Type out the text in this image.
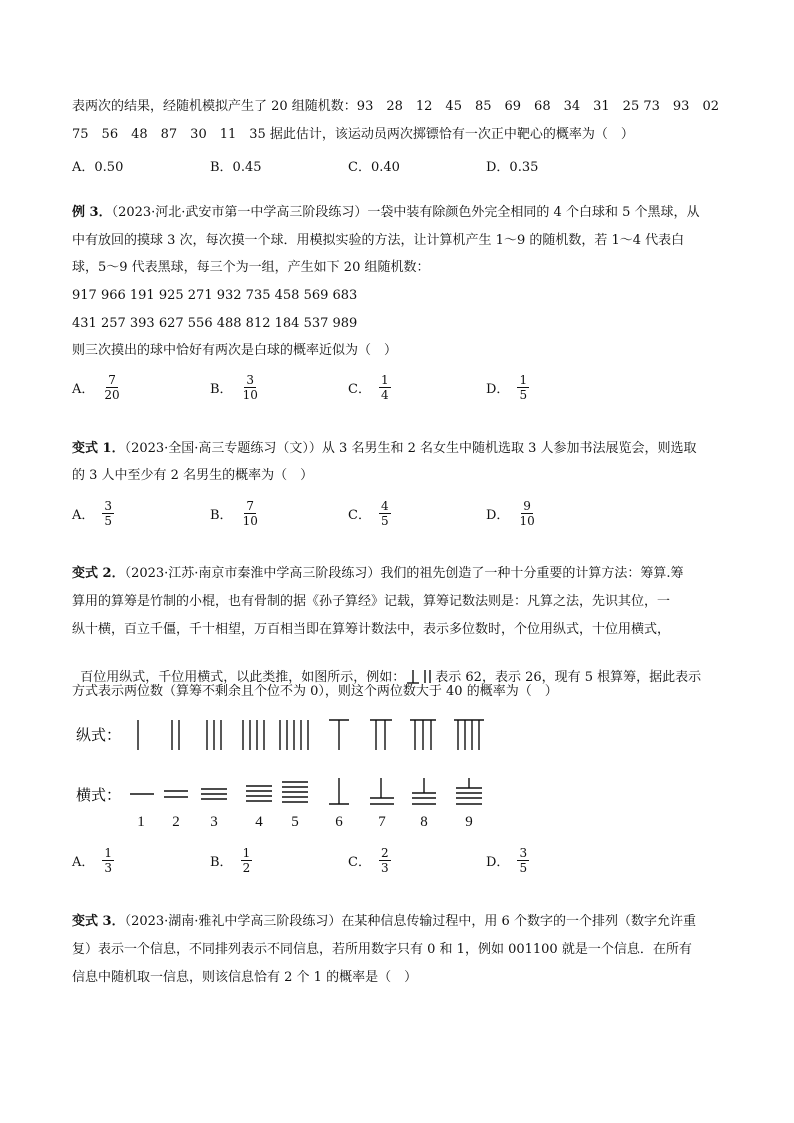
表两次的结果，经随机模拟产生了 20 组随机数：93　28　12　45　85　69　68　34　31　25 73　93　02
75　56　48　87　30　11　35 据此估计，该运动员两次掷镖恰有一次正中靶心的概率为（　）
A．0.50	B．0.45	C．0.40	D．0.35
例 3．（2023·河北·武安市第一中学高三阶段练习）一袋中装有除颜色外完全相同的 4 个白球和 5 个黑球，从
中有放回的摸球 3 次，每次摸一个球．用模拟实验的方法，让计算机产生 1～9 的随机数，若 1～4 代表白
球，5～9 代表黑球，每三个为一组，产生如下 20 组随机数：
917 966 191 925 271 932 735 458 569 683
431 257 393 627 556 488 812 184 537 989
则三次摸出的球中恰好有两次是白球的概率近似为（　）
A． $\frac{7}{20}$	B． $\frac{3}{10}$	C． $\frac{1}{4}$	D． $\frac{1}{5}$
变式 1．（2023·全国·高三专题练习（文））从 3 名男生和 2 名女生中随机选取 3 人参加书法展览会，则选取
的 3 人中至少有 2 名男生的概率为（　）
A． $\frac{3}{5}$	B． $\frac{7}{10}$	C． $\frac{4}{5}$	D． $\frac{9}{10}$
变式 2．（2023·江苏·南京市秦淮中学高三阶段练习）我们的祖先创造了一种十分重要的计算方法：筹算.筹
算用的算筹是竹制的小棍，也有骨制的据《孙子算经》记载，算筹记数法则是：凡算之法，先识其位，一
纵十横，百立千僵，千十相望，万百相当即在算筹计数法中，表示多位数时，个位用纵式，十位用横式，

百位用纵式，千位用横式，以此类推，如图所示，例如： 表示 62，表示 26，现有 5 根算筹，据此表示

方式表示两位数（算筹不剩余且个位不为 0），则这个两位数大于 40 的概率为（　）
纵式：
横式：
1 2 3	4 5 6 7 8	9
A． $\frac{1}{3}$	B． $\frac{1}{2}$	C． $\frac{2}{3}$	D． $\frac{3}{5}$
变式 3．（2023·湖南·雅礼中学高三阶段练习）在某种信息传输过程中，用 6 个数字的一个排列（数字允许重
复）表示一个信息，不同排列表示不同信息，若所用数字只有 0 和 1，例如 001100 就是一个信息．在所有
信息中随机取一信息，则该信息恰有 2 个 1 的概率是（　）
